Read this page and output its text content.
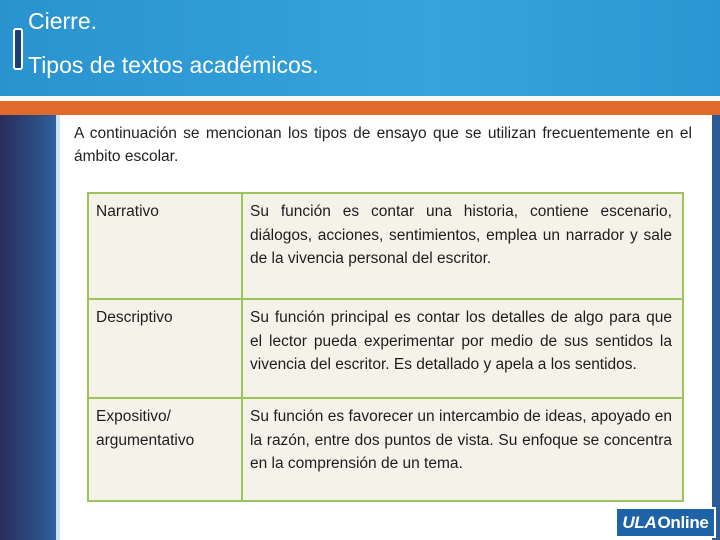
Cierre.
Tipos de textos académicos.
A continuación se mencionan los tipos de ensayo que se utilizan frecuentemente en el ámbito escolar.
Narrativo	Su función es contar una historia, contiene escenario, diálogos, acciones, sentimientos, emplea un narrador y sale de la vivencia personal del escritor.
Descriptivo	Su función principal es contar los detalles de algo para que el lector pueda experimentar por medio de sus sentidos la vivencia del escritor. Es detallado y apela a los sentidos.
Expositivo/ argumentativo	Su función es favorecer un intercambio de ideas, apoyado en la razón, entre dos puntos de vista. Su enfoque se concentra en la comprensión de un tema.
ULA Online
